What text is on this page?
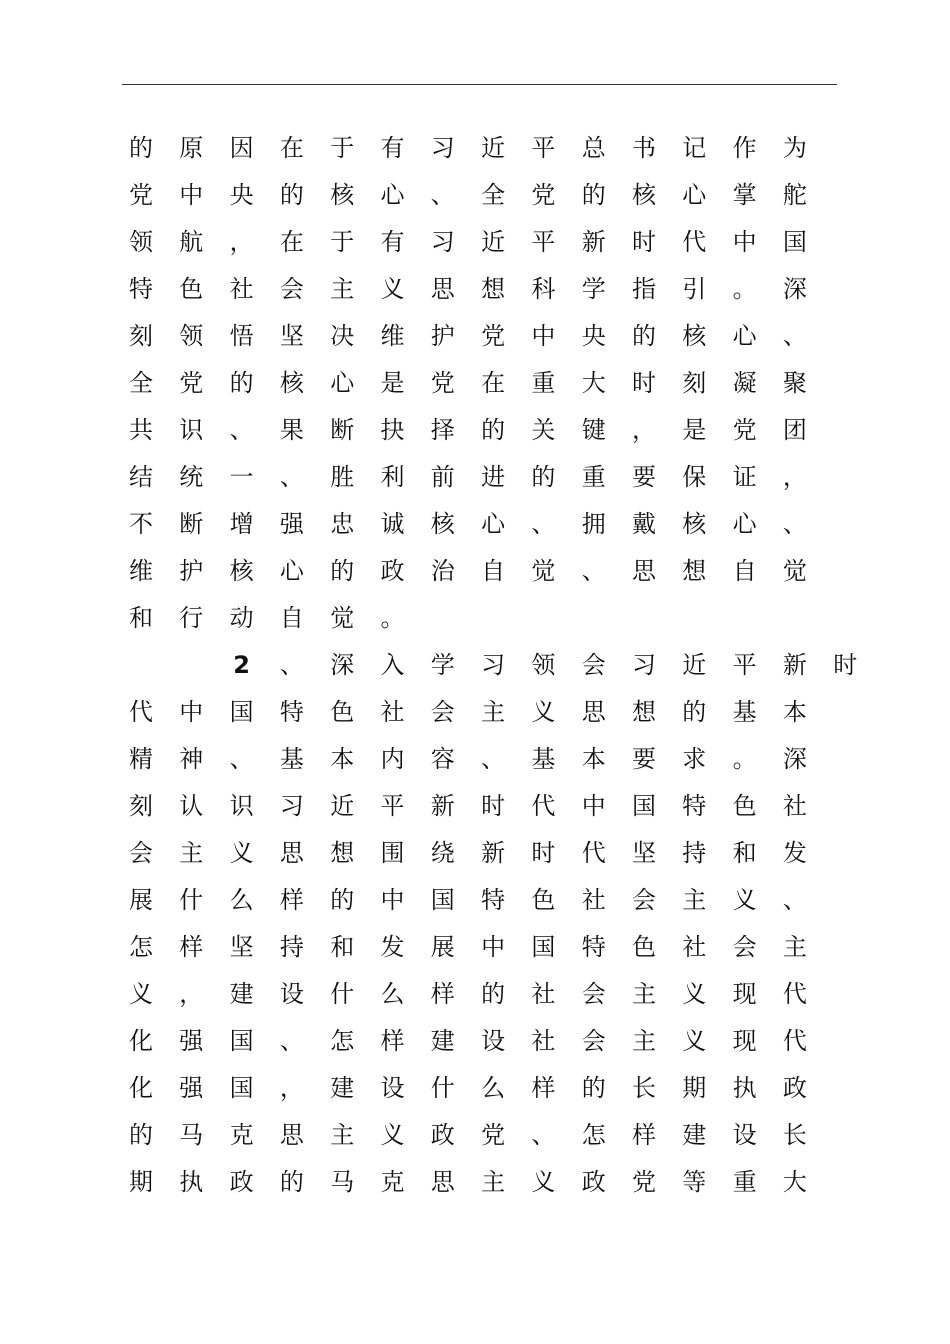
的	原	因	在	于	有	习	近	平	总	书	记	作	为
党	中	央	的	核	心	、	全	党	的	核	心	掌	舵
领	航	，	在	于	有	习	近	平	新	时	代	中	国
特	色	社	会	主	义	思	想	科	学	指	引	。	深
刻	领	悟	坚	决	维	护	党	中	央	的	核	心	、
全	党	的	核	心	是	党	在	重	大	时	刻	凝	聚
共	识	、	果	断	抉	择	的	关	键	，	是	党	团
结	统	一	、	胜	利	前	进	的	重	要	保	证	，
不	断	增	强	忠	诚	核	心	、	拥	戴	核	心	、
维	护	核	心	的	政	治	自	觉	、	思	想	自	觉
和	行	动	自	觉	。
2	、	深	入	学	习	领	会	习	近	平	新	时
代	中	国	特	色	社	会	主	义	思	想	的	基	本
精	神	、	基	本	内	容	、	基	本	要	求	。	深
刻	认	识	习	近	平	新	时	代	中	国	特	色	社
会	主	义	思	想	围	绕	新	时	代	坚	持	和	发
展	什	么	样	的	中	国	特	色	社	会	主	义	、
怎	样	坚	持	和	发	展	中	国	特	色	社	会	主
义	，	建	设	什	么	样	的	社	会	主	义	现	代
化	强	国	、	怎	样	建	设	社	会	主	义	现	代
化	强	国	，	建	设	什	么	样	的	长	期	执	政
的	马	克	思	主	义	政	党	、	怎	样	建	设	长
期	执	政	的	马	克	思	主	义	政	党	等	重	大
